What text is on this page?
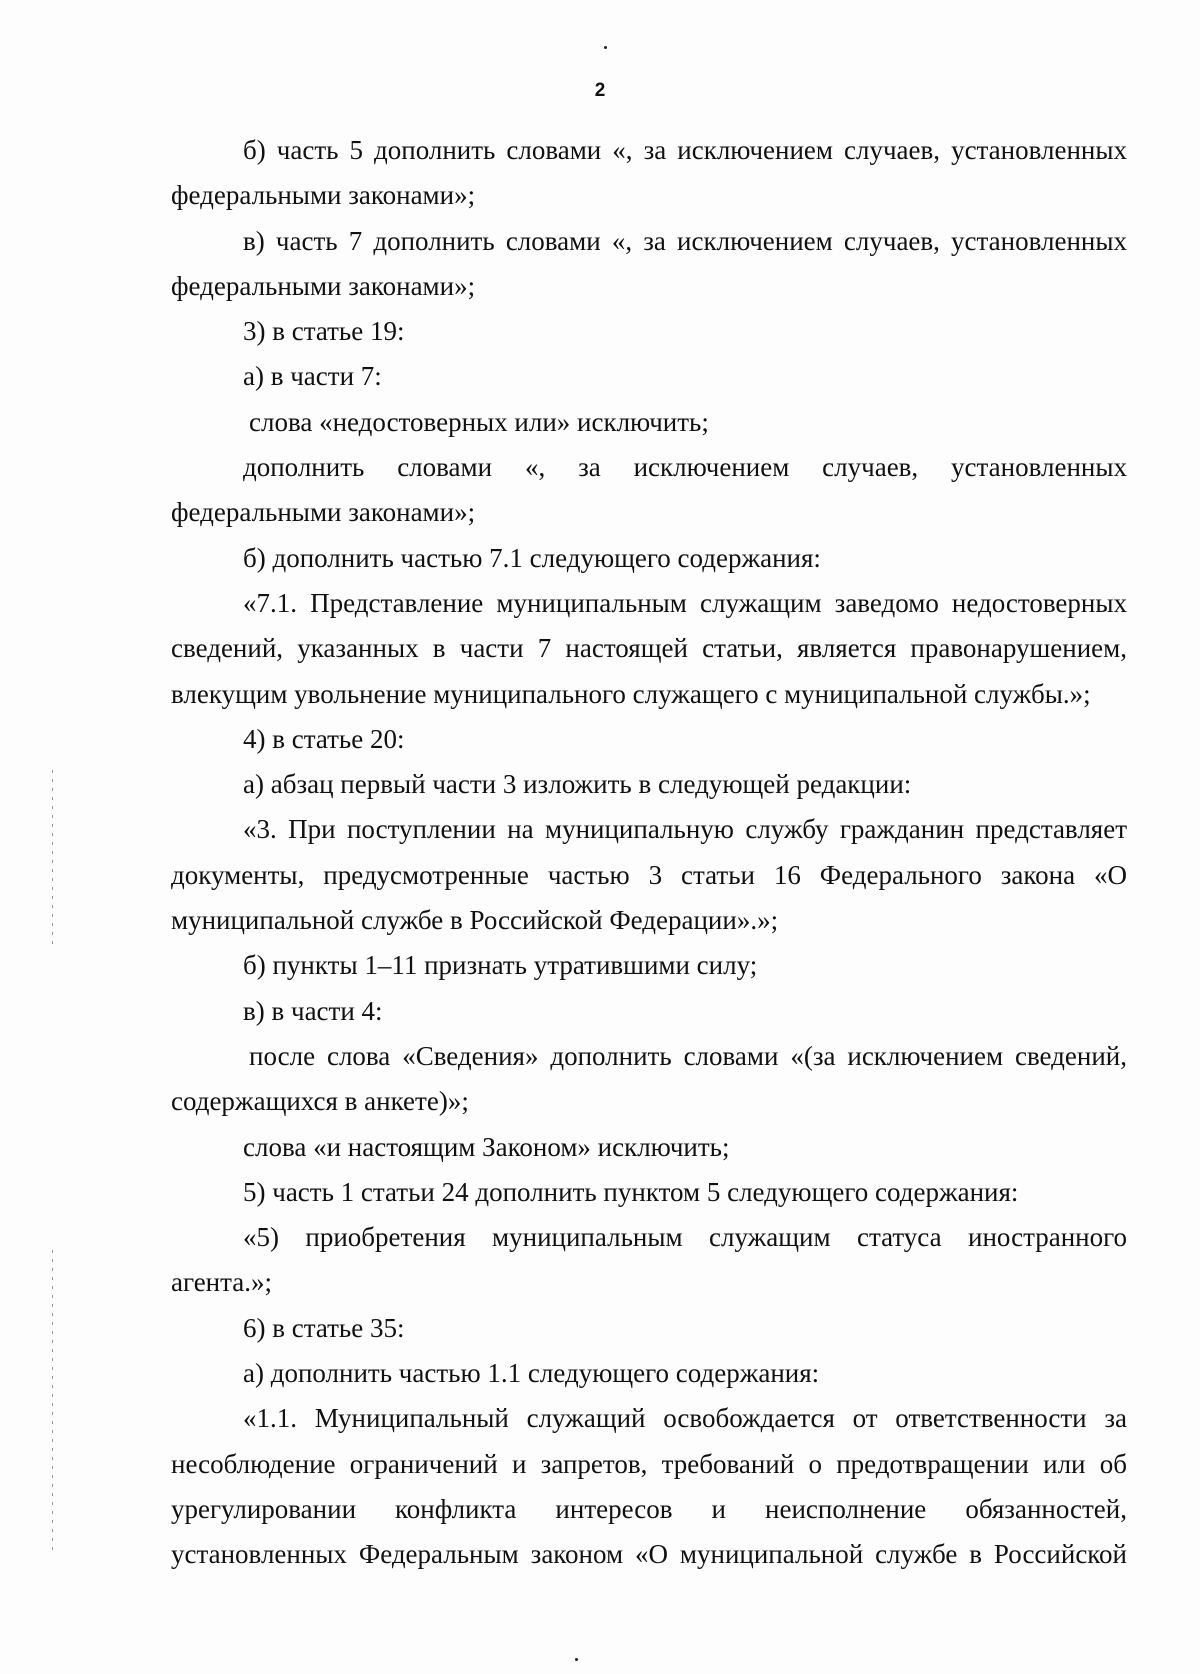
2

б) часть 5 дополнить словами «, за исключением случаев, установленных федеральными законами»;

в) часть 7 дополнить словами «, за исключением случаев, установленных федеральными законами»;

3) в статье 19:

а) в части 7:

слова «недостоверных или» исключить;

дополнить словами «, за исключением случаев, установленных федеральными законами»;

б) дополнить частью 7.1 следующего содержания:

«7.1. Представление муниципальным служащим заведомо недостоверных сведений, указанных в части 7 настоящей статьи, является правонарушением, влекущим увольнение муниципального служащего с муниципальной службы.»;

4) в статье 20:

а) абзац первый части 3 изложить в следующей редакции:

«3. При поступлении на муниципальную службу гражданин представляет документы, предусмотренные частью 3 статьи 16 Федерального закона «О муниципальной службе в Российской Федерации».»;

б) пункты 1–11 признать утратившими силу;

в) в части 4:

после слова «Сведения» дополнить словами «(за исключением сведений, содержащихся в анкете)»;

слова «и настоящим Законом» исключить;

5) часть 1 статьи 24 дополнить пунктом 5 следующего содержания:

«5) приобретения муниципальным служащим статуса иностранного агента.»;

6) в статье 35:

а) дополнить частью 1.1 следующего содержания:

«1.1. Муниципальный служащий освобождается от ответственности за несоблюдение ограничений и запретов, требований о предотвращении или об урегулировании конфликта интересов и неисполнение обязанностей, установленных Федеральным законом «О муниципальной службе в Российской
